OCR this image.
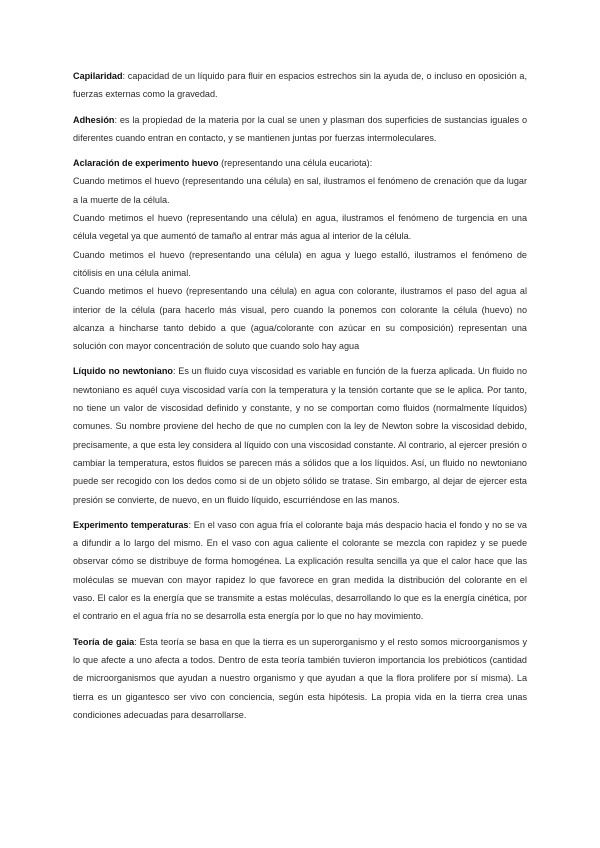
Capilaridad: capacidad de un líquido para fluir en espacios estrechos sin la ayuda de, o incluso en oposición a, fuerzas externas como la gravedad.

Adhesión: es la propiedad de la materia por la cual se unen y plasman dos superficies de sustancias iguales o diferentes cuando entran en contacto, y se mantienen juntas por fuerzas intermoleculares.

Aclaración de experimento huevo (representando una célula eucariota):

Cuando metimos el huevo (representando una célula) en sal, ilustramos el fenómeno de crenación que da lugar a la muerte de la célula.

Cuando metimos el huevo (representando una célula) en agua, ilustramos el fenómeno de turgencia en una célula vegetal ya que aumentó de tamaño al entrar más agua al interior de la célula.

Cuando metimos el huevo (representando una célula) en agua y luego estalló, ilustramos el fenómeno de citólisis en una célula animal.

Cuando metimos el huevo (representando una célula) en agua con colorante, ilustramos el paso del agua al interior de la célula (para hacerlo más visual, pero cuando la ponemos con colorante la célula (huevo) no alcanza a hincharse tanto debido a que (agua/colorante con azúcar en su composición) representan una solución con mayor concentración de soluto que cuando solo hay agua

Líquido no newtoniano: Es un fluido cuya viscosidad es variable en función de la fuerza aplicada. Un fluido no newtoniano es aquél cuya viscosidad varía con la temperatura y la tensión cortante que se le aplica. Por tanto, no tiene un valor de viscosidad definido y constante, y no se comportan como fluidos (normalmente líquidos) comunes. Su nombre proviene del hecho de que no cumplen con la ley de Newton sobre la viscosidad debido, precisamente, a que esta ley considera al líquido con una viscosidad constante. Al contrario, al ejercer presión o cambiar la temperatura, estos fluidos se parecen más a sólidos que a los líquidos. Así, un fluido no newtoniano puede ser recogido con los dedos como si de un objeto sólido se tratase. Sin embargo, al dejar de ejercer esta presión se convierte, de nuevo, en un fluido líquido, escurriéndose en las manos.

Experimento temperaturas: En el vaso con agua fría el colorante baja más despacio hacia el fondo y no se va a difundir a lo largo del mismo. En el vaso con agua caliente el colorante se mezcla con rapidez y se puede observar cómo se distribuye de forma homogénea. La explicación resulta sencilla ya que el calor hace que las moléculas se muevan con mayor rapidez lo que favorece en gran medida la distribución del colorante en el vaso. El calor es la energía que se transmite a estas moléculas, desarrollando lo que es la energía cinética, por el contrario en el agua fría no se desarrolla esta energía por lo que no hay movimiento.

Teoría de gaia: Esta teoría se basa en que la tierra es un superorganismo y el resto somos microorganismos y lo que afecte a uno afecta a todos. Dentro de esta teoría también tuvieron importancia los prebióticos (cantidad de microorganismos que ayudan a nuestro organismo y que ayudan a que la flora prolifere por sí misma). La tierra es un gigantesco ser vivo con conciencia, según esta hipótesis. La propia vida en la tierra crea unas condiciones adecuadas para desarrollarse.
